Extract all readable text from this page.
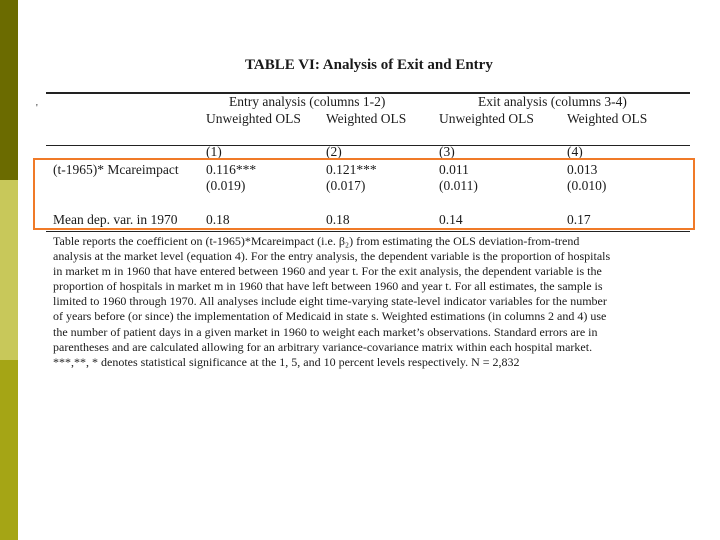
TABLE VI: Analysis of Exit and Entry
'	Entry analysis (columns 1-2)	Exit analysis (columns 3-4)
Unweighted OLS Weighted OLS Unweighted OLS Weighted OLS
(1)	(2)	(3)	(4)
(t-1965)* Mcareimpact 0.116***	0.121***	0.011	0.013
(0.019)	(0.017)	(0.011)	(0.010)
Mean dep. var. in 1970 0.18	0.18	0.14	0.17
Table reports the coefficient on (t-1965)*Mcareimpact (i.e. β₂) from estimating the OLS deviation-from-trend
analysis at the market level (equation 4). For the entry analysis, the dependent variable is the proportion of hospitals
in market m in 1960 that have entered between 1960 and year t. For the exit analysis, the dependent variable is the
proportion of hospitals in market m in 1960 that have left between 1960 and year t. For all estimates, the sample is
limited to 1960 through 1970. All analyses include eight time-varying state-level indicator variables for the number
of years before (or since) the implementation of Medicaid in state s. Weighted estimations (in columns 2 and 4) use
the number of patient days in a given market in 1960 to weight each market’s observations. Standard errors are in
parentheses and are calculated allowing for an arbitrary variance-covariance matrix within each hospital market.
***,**, * denotes statistical significance at the 1, 5, and 10 percent levels respectively. N = 2,832
